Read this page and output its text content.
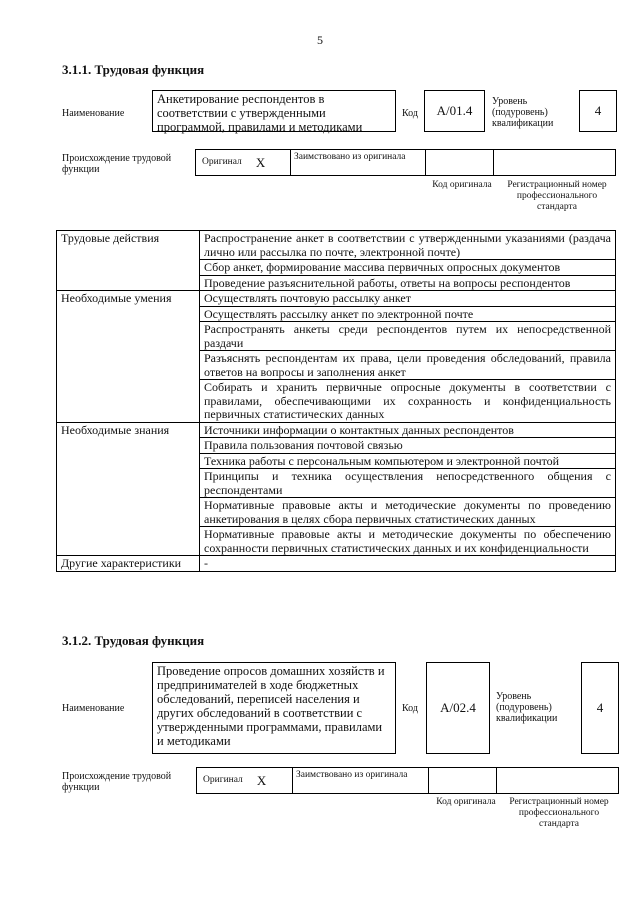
5
3.1.1. Трудовая функция
Наименование
Анкетирование респондентов в соответствии с утвержденными программой, правилами и методиками
Код А/01.4
Уровень (подуровень) квалификации
4
Происхождение трудовой функции
Оригинал X	Заимствовано из оригинала
Код оригинала	Регистрационный номер профессионального стандарта
Трудовые действия	Распространение анкет в соответствии с утвержденными указаниями (раздача лично или рассылка по почте, электронной почте)
	Сбор анкет, формирование массива первичных опросных документов
	Проведение разъяснительной работы, ответы на вопросы респондентов
Необходимые умения	Осуществлять почтовую рассылку анкет
	Осуществлять рассылку анкет по электронной почте
	Распространять анкеты среди респондентов путем их непосредственной раздачи
	Разъяснять респондентам их права, цели проведения обследований, правила ответов на вопросы и заполнения анкет
	Собирать и хранить первичные опросные документы в соответствии с правилами, обеспечивающими их сохранность и конфиденциальность первичных статистических данных
Необходимые знания	Источники информации о контактных данных респондентов
	Правила пользования почтовой связью
	Техника работы с персональным компьютером и электронной почтой
	Принципы и техника осуществления непосредственного общения с респондентами
	Нормативные правовые акты и методические документы по проведению анкетирования в целях сбора первичных статистических данных
	Нормативные правовые акты и методические документы по обеспечению сохранности первичных статистических данных и их конфиденциальности
Другие характеристики	-
3.1.2. Трудовая функция
Наименование
Проведение опросов домашних хозяйств и предпринимателей в ходе бюджетных обследований, переписей населения и других обследований в соответствии с утвержденными программами, правилами и методиками
Код А/02.4
Уровень (подуровень) квалификации
4
Происхождение трудовой функции
Оригинал X	Заимствовано из оригинала
Код оригинала	Регистрационный номер профессионального стандарта
